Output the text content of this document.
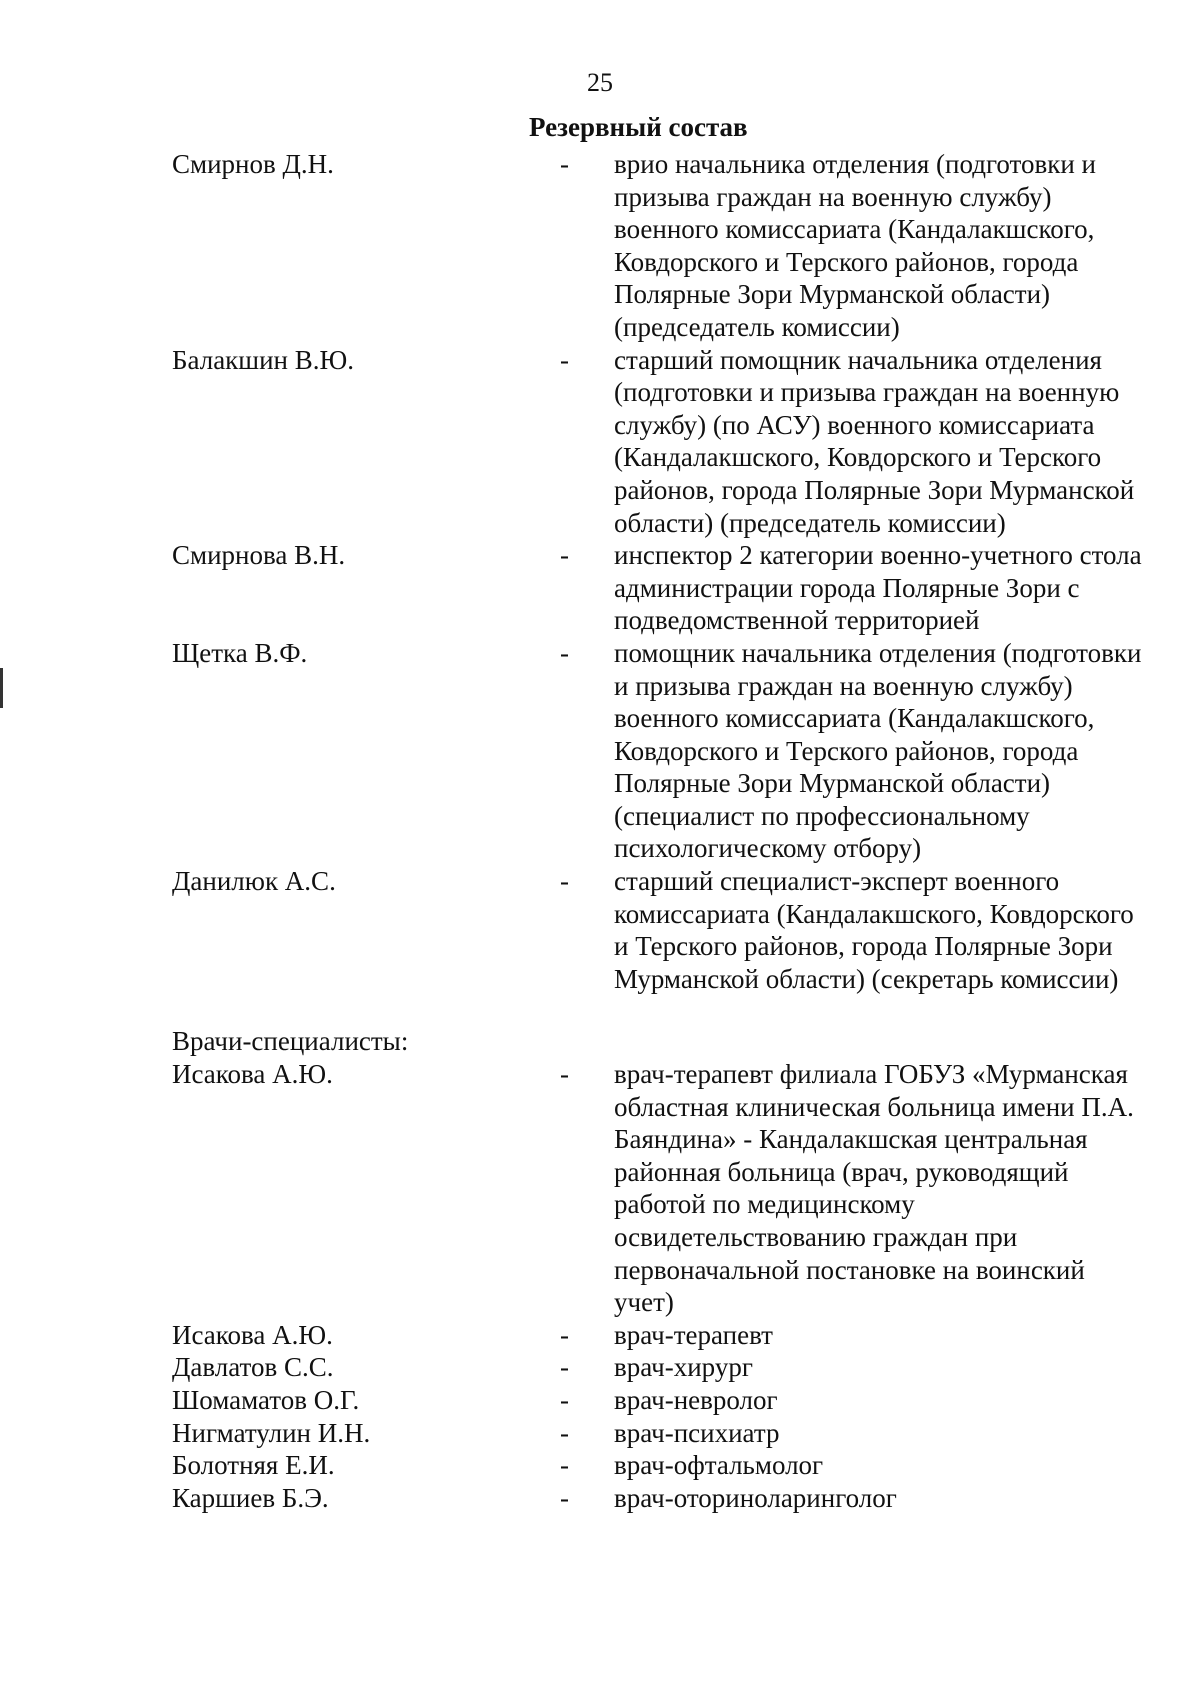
25
Резервный состав
Смирнов Д.Н.	-	врио начальника отделения (подготовки и призыва граждан на военную службу) военного комиссариата (Кандалакшского, Ковдорского и Терского районов, города Полярные Зори Мурманской области) (председатель комиссии)
Балакшин В.Ю.	-	старший помощник начальника отделения (подготовки и призыва граждан на военную службу) (по АСУ) военного комиссариата (Кандалакшского, Ковдорского и Терского районов, города Полярные Зори Мурманской области) (председатель комиссии)
Смирнова В.Н.	-	инспектор 2 категории военно-учетного стола администрации города Полярные Зори с подведомственной территорией
Щетка В.Ф.	-	помощник начальника отделения (подготовки и призыва граждан на военную службу) военного комиссариата (Кандалакшского, Ковдорского и Терского районов, города Полярные Зори Мурманской области) (специалист по профессиональному психологическому отбору)
Данилюк А.С.	-	старший специалист-эксперт военного комиссариата (Кандалакшского, Ковдорского и Терского районов, города Полярные Зори Мурманской области) (секретарь комиссии)
Врачи-специалисты:
Исакова А.Ю.	-	врач-терапевт филиала ГОБУЗ «Мурманская областная клиническая больница имени П.А. Баяндина» - Кандалакшская центральная районная больница (врач, руководящий работой по медицинскому освидетельствованию граждан при первоначальной постановке на воинский учет)
Исакова А.Ю.	-	врач-терапевт
Давлатов С.С.	-	врач-хирург
Шомаматов О.Г.	-	врач-невролог
Нигматулин И.Н.	-	врач-психиатр
Болотняя Е.И.	-	врач-офтальмолог
Каршиев Б.Э.	-	врач-оториноларинголог
